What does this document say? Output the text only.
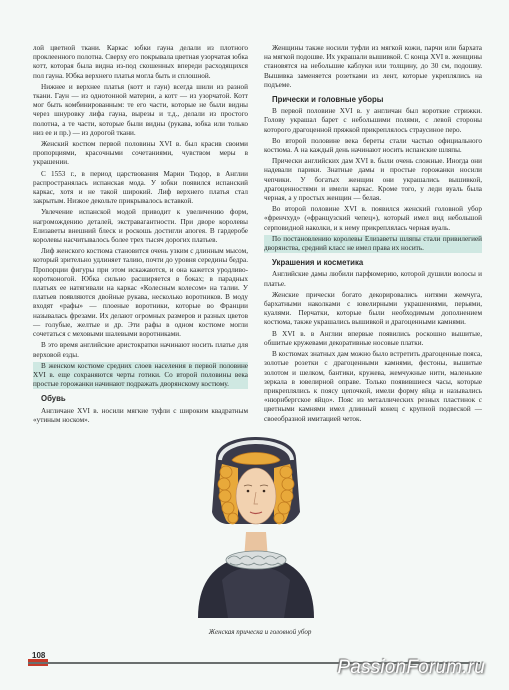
лой цветной ткани. Каркас юбки гауна делали из плотного проклеенного полотна. Сверху его покрывала цветная узорчатая юбка котт, которая была видна из-под скошенных впереди расходящихся пол гауна. Юбка верхнего платья могла быть и сплошной.

Нижнее и верхнее платья (котт и гаун) всегда шили из разной ткани. Гаун — из однотонной материи, а котт — из узорчатой. Котт мог быть комбинированным: те его части, которые не были видны через шнуровку лифа гауна, вырезы и т.д., делали из простого полотна, а те части, которые были видны (рукава, юбка или только низ ее и пр.) — из дорогой ткани.

Женский костюм первой половины XVI в. был красив своими пропорциями, красочными сочетаниями, чувством меры в украшении.

С 1553 г., в период царствования Марии Тюдор, в Англии распространялась испанская мода. У юбки появился испанский каркас, хотя и не такой широкий. Лиф верхнего платья стал закрытым. Низкое декольте прикрывалось вставкой.

Увлечение испанской модой приводит к увеличению форм, нагромождению деталей, экстравагантности. При дворе королевы Елизаветы внешний блеск и роскошь достигли апогея. В гардеробе королевы насчитывалось более трех тысяч дорогих платьев.

Лиф женского костюма становится очень узким с длинным мысом, который зрительно удлиняет талию, почти до уровня середины бедра. Пропорции фигуры при этом искажаются, и она кажется уродливо-коротконогой. Юбка сильно расширяется в боках; в парадных платьях ее натягивали на каркас «Колесным колесом» на талии. У платьев появляются двойные рукава, несколько воротников. В моду входят «рафы» — плоеные воротники, которые во Франции называлась фрезами. Их делают огромных размеров и разных цветов — голубые, желтые и др. Эти рафы в одном костюме могли сочетаться с меховыми шалевыми воротниками.

В это время английские аристократки начинают носить платье для верховой езды.

В женском костюме средних слоев населения в первой половине XVI в. еще сохраняются черты готики. Со второй половины века простые горожанки начинают подражать дворянскому костюму.

Обувь

Англичане XVI в. носили мягкие туфли с широким квадратным «утиным носком».

Женщины также носили туфли из мягкой кожи, парчи или бархата на мягкой подошве. Их украшали вышивкой. С конца XVI в. женщины становятся на небольшие каблуки или толщину, до 30 см, подошву. Вышивка заменяется розетками из лент, которые укреплялись на подъеме.

Прически и головные уборы

В первой половине XVI в. у англичан был короткие стрижки. Голову украшал барет с небольшими полями, с левой стороны которого драгоценной пряжкой прикреплялось страусиное перо.

Во второй половине века береты стали частью официального костюма. А на каждый день начинают носить испанские шляпы.

Прически английских дам XVI в. были очень сложные. Иногда они надевали парики. Знатные дамы и простые горожанки носили чепчики. У богатых женщин они украшались вышивкой, драгоценностями и имели каркас. Кроме того, у леди вуаль была черная, а у простых женщин — белая.

Во второй половине XVI в. появился женский головной убор «френчхуд» («французский чепец»), который имел вид небольшой серповидной наколки, и к нему прикреплялась черная вуаль.

По постановлению королевы Елизаветы шляпы стали привилегией дворянства, средний класс не имел права их носить.

Украшения и косметика

Английские дамы любили парфюмерию, которой душили волосы и платье.

Женские прически богато декорировались нитями жемчуга, бархатными наколками с ювелирными украшениями, перьями, куалями. Перчатки, которые были необходимым дополнением костюма, также украшались вышивкой и драгоценными камнями.

В XVI в. в Англии впервые появились роскошно вышитые, обшитые кружевами декоративные носовые платки.

В костюмах знатных дам можно было встретить драгоценные пояса, золотые розетки с драгоценными камнями, фестоны, вышитые золотом и шелком, бантики, кружева, жемчужные нити, маленькие зеркала в ювелирной оправе. Только появившиеся часы, которые прикреплялись к поясу цепочкой, имели форму яйца и назывались «нюрнбергское яйцо». Пояс из металлических резных пластинок с цветными камнями имел длинный конец с крупной подвеской — своеобразной имитацией четок.

Женская прическа и головной убор
108
PassionForum.ru
